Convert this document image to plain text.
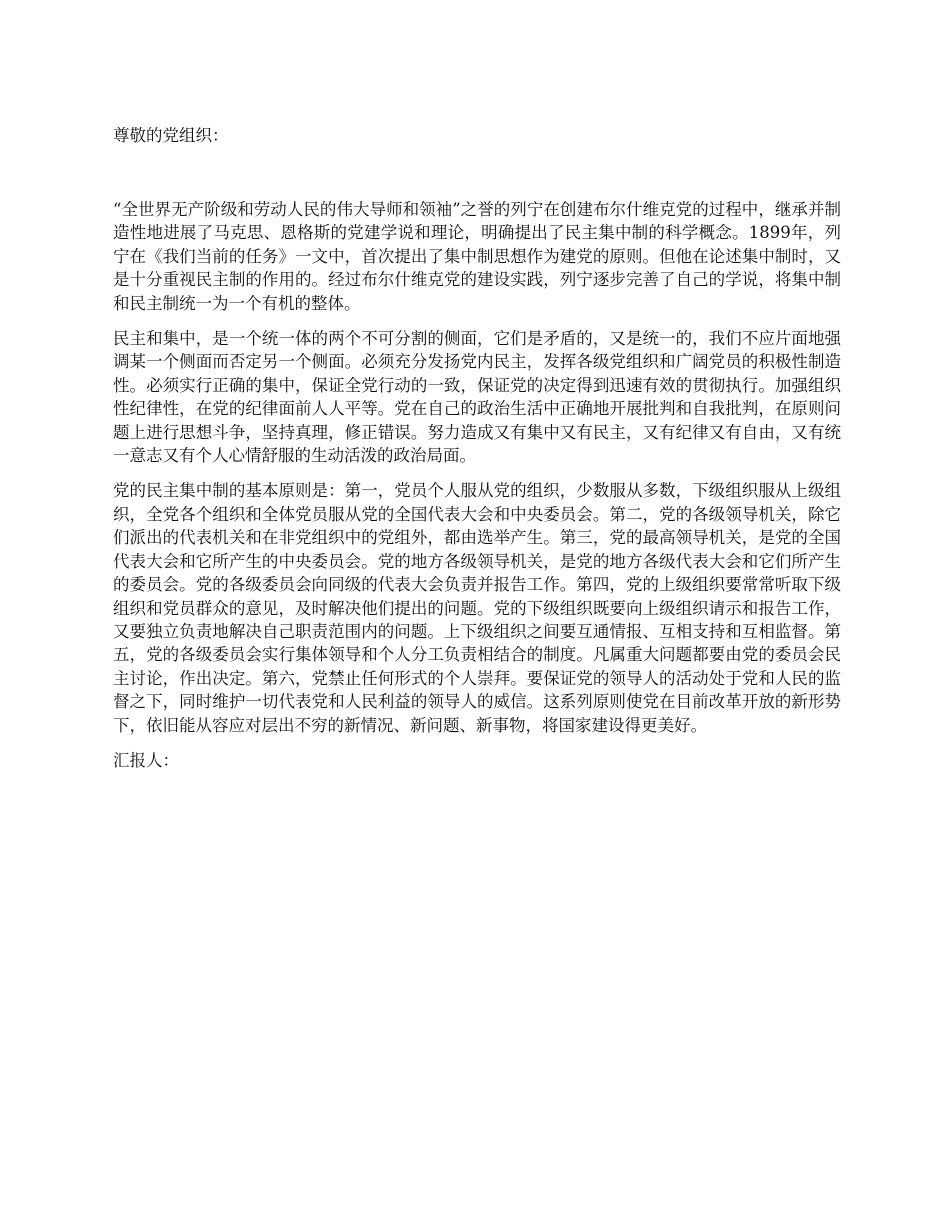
尊敬的党组织：

“全世界无产阶级和劳动人民的伟大导师和领袖”之誉的列宁在创建布尔什维克党的过程中，继承并制造性地进展了马克思、恩格斯的党建学说和理论，明确提出了民主集中制的科学概念。1899年，列宁在《我们当前的任务》一文中，首次提出了集中制思想作为建党的原则。但他在论述集中制时，又是十分重视民主制的作用的。经过布尔什维克党的建设实践，列宁逐步完善了自己的学说，将集中制和民主制统一为一个有机的整体。

民主和集中，是一个统一体的两个不可分割的侧面，它们是矛盾的，又是统一的，我们不应片面地强调某一个侧面而否定另一个侧面。必须充分发扬党内民主，发挥各级党组织和广阔党员的积极性制造性。必须实行正确的集中，保证全党行动的一致，保证党的决定得到迅速有效的贯彻执行。加强组织性纪律性，在党的纪律面前人人平等。党在自己的政治生活中正确地开展批判和自我批判，在原则问题上进行思想斗争，坚持真理，修正错误。努力造成又有集中又有民主，又有纪律又有自由，又有统一意志又有个人心情舒服的生动活泼的政治局面。

党的民主集中制的基本原则是：第一，党员个人服从党的组织，少数服从多数，下级组织服从上级组织，全党各个组织和全体党员服从党的全国代表大会和中央委员会。第二，党的各级领导机关，除它们派出的代表机关和在非党组织中的党组外，都由选举产生。第三，党的最高领导机关，是党的全国代表大会和它所产生的中央委员会。党的地方各级领导机关，是党的地方各级代表大会和它们所产生的委员会。党的各级委员会向同级的代表大会负责并报告工作。第四，党的上级组织要常常听取下级组织和党员群众的意见，及时解决他们提出的问题。党的下级组织既要向上级组织请示和报告工作，又要独立负责地解决自己职责范围内的问题。上下级组织之间要互通情报、互相支持和互相监督。第五，党的各级委员会实行集体领导和个人分工负责相结合的制度。凡属重大问题都要由党的委员会民主讨论，作出决定。第六，党禁止任何形式的个人崇拜。要保证党的领导人的活动处于党和人民的监督之下，同时维护一切代表党和人民利益的领导人的威信。这系列原则使党在目前改革开放的新形势下，依旧能从容应对层出不穷的新情况、新问题、新事物，将国家建设得更美好。

汇报人：
